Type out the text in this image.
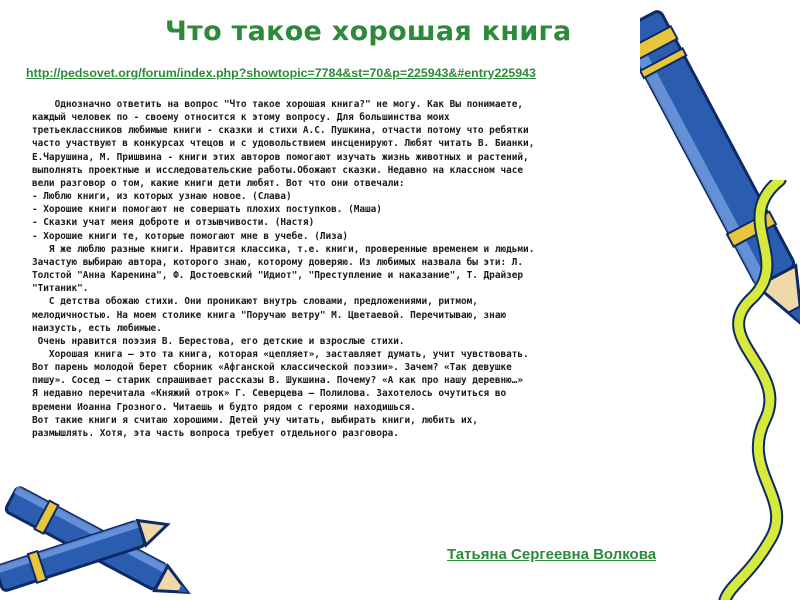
Что такое хорошая книга
http://pedsovet.org/forum/index.php?showtopic=7784&st=70&p=225943&#entry225943
Однозначно ответить на вопрос "Что такое хорошая книга?" не могу. Как Вы понимаете,
каждый человек по - своему относится к этому вопросу. Для большинства моих
третьеклассников любимые книги - сказки и стихи А.С. Пушкина, отчасти потому что ребятки
часто участвуют в конкурсах чтецов и с удовольствием инсценируют. Любят читать В. Бианки,
Е.Чарушина, М. Пришвина - книги этих авторов помогают изучать жизнь животных и растений,
выполнять проектные и исследовательские работы.Обожают сказки. Недавно на классном часе
вели разговор о том, какие книги дети любят. Вот что они отвечали:
- Люблю книги, из которых узнаю новое. (Слава)
- Хорошие книги помогают не совершать плохих поступков. (Маша)
- Сказки учат меня доброте и отзывчивости. (Настя)
- Хорошие книги те, которые помогают мне в учебе. (Лиза)
Я же люблю разные книги. Нравится классика, т.е. книги, проверенные временем и людьми.
Зачастую выбираю автора, которого знаю, которому доверяю. Из любимых назвала бы эти: Л.
Толстой "Анна Каренина", Ф. Достоевский "Идиот", "Преступление и наказание", Т. Драйзер
"Титаник".
С детства обожаю стихи. Они проникают внутрь словами, предложениями, ритмом,
мелодичностью. На моем столике книга "Поручаю ветру" М. Цветаевой. Перечитываю, знаю
наизусть, есть любимые.
Очень нравится поэзия В. Берестова, его детские и взрослые стихи.
Хорошая книга – это та книга, которая «цепляет», заставляет думать, учит чувствовать.
Вот парень молодой берет сборник «Афганской классической поэзии». Зачем? «Так девушке
пишу». Сосед – старик спрашивает рассказы В. Шукшина. Почему? «А как про нашу деревню…»
Я недавно перечитала «Княжий отрок» Г. Северцева – Полилова. Захотелось очутиться во
времени Иоанна Грозного. Читаешь и будто рядом с героями находишься.
Вот такие книги я считаю хорошими. Детей учу читать, выбирать книги, любить их,
размышлять. Хотя, эта часть вопроса требует отдельного разговора.
Татьяна Сергеевна Волкова
